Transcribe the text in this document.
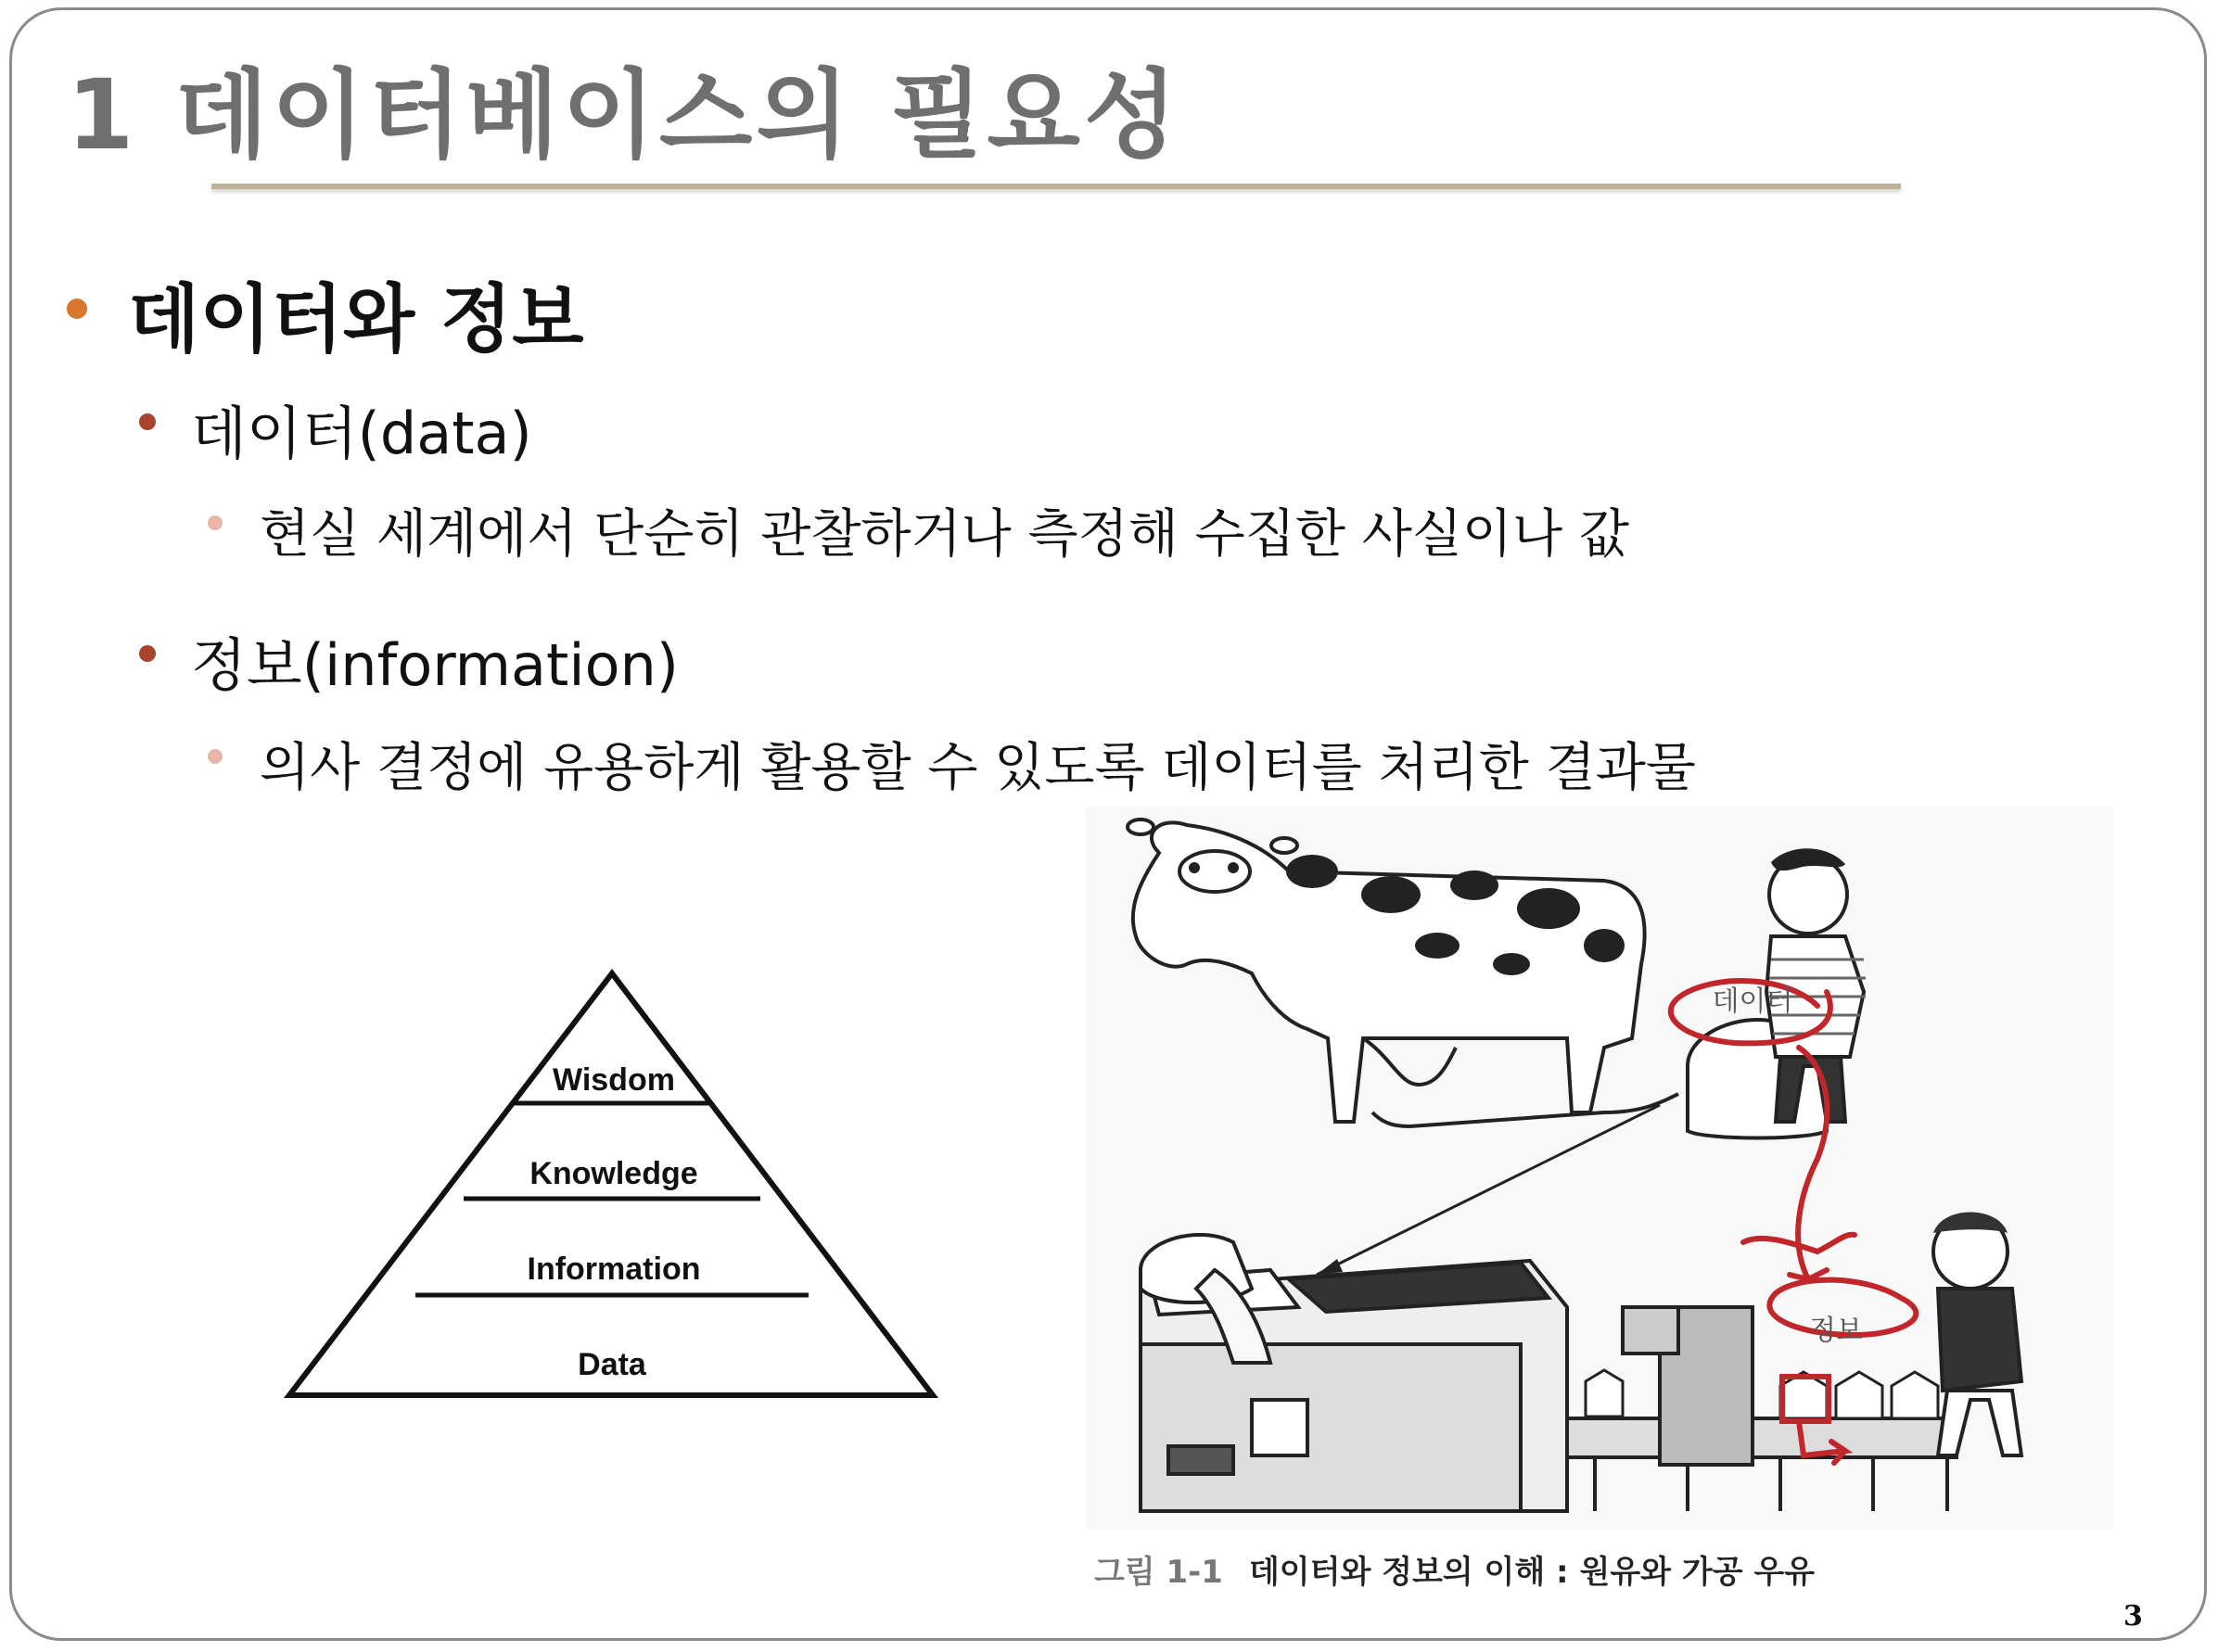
1 데이터베이스의 필요성
데이터와 정보
데이터(data)
현실 세계에서 단순히 관찰하거나 측정해 수집한 사실이나 값
정보(information)
의사 결정에 유용하게 활용할 수 있도록 데이터를 처리한 결과물
Wisdom
Knowledge
Information
Data
데이터
정보
그림 1-1 데이터와 정보의 이해 : 원유와 가공 우유
3
